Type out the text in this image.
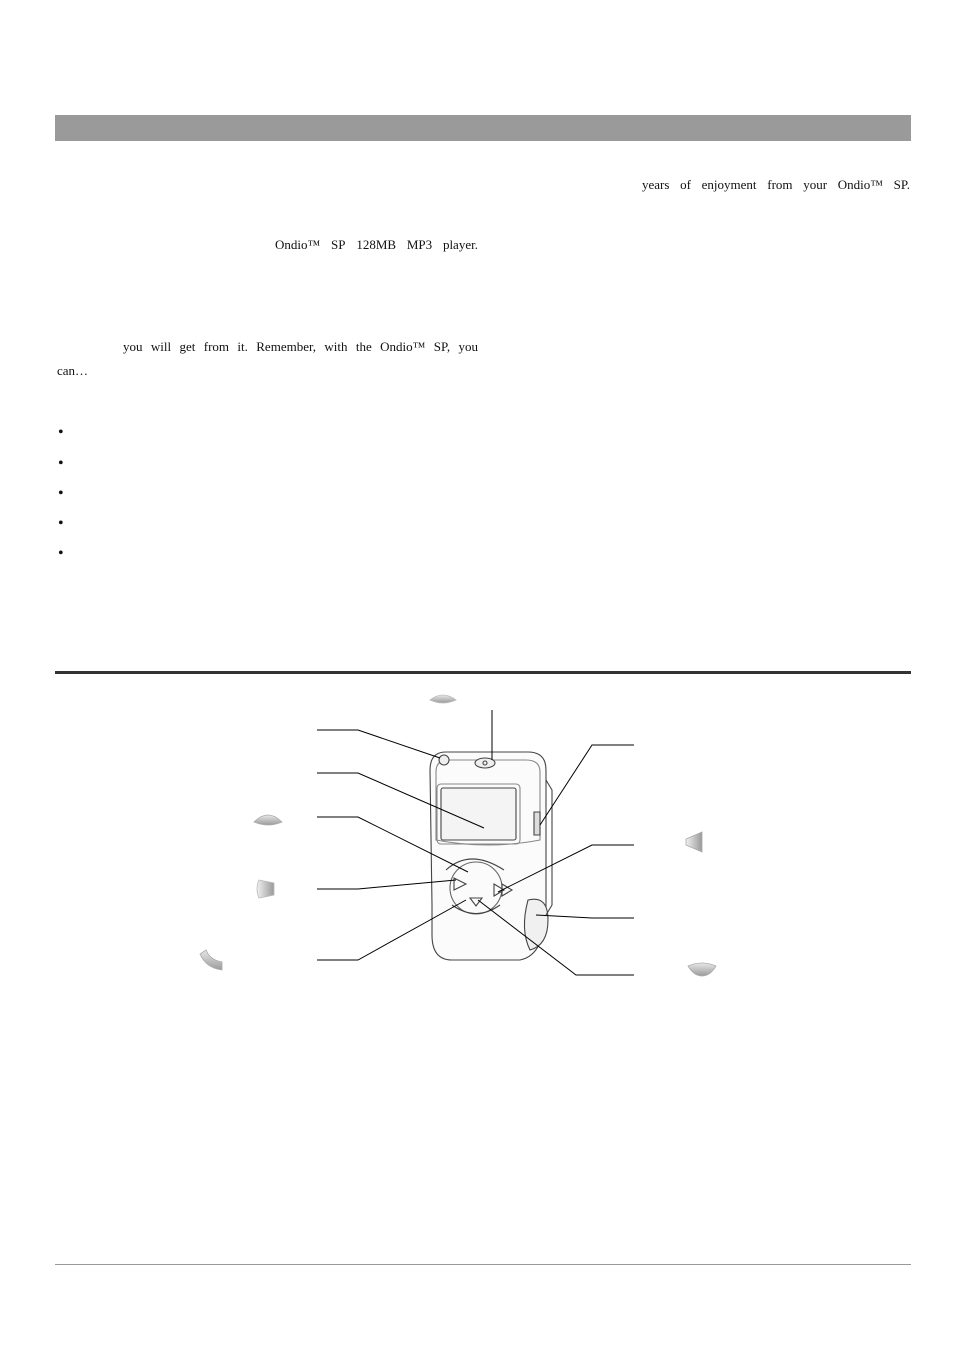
years of enjoyment from your Ondio™ SP.
Ondio™ SP 128MB MP3 player.
you will get from it. Remember, with the Ondio™ SP, you
can…
•
•
•
•
•
